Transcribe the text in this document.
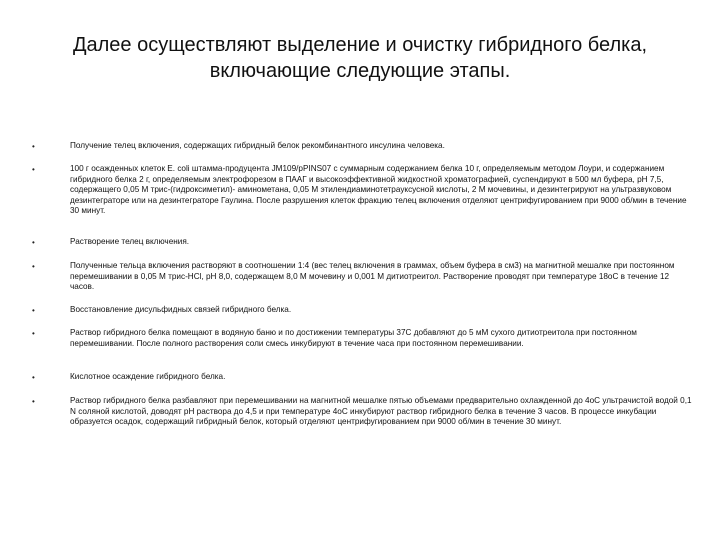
Далее осуществляют выделение и очистку гибридного белка,
включающие следующие этапы.
•	Получение телец включения, содержащих гибридный белок рекомбинантного инсулина человека.
•	100 г осажденных клеток E. coli штамма-продуцента JM109/pPINS07 с суммарным содержанием белка 10 г, определяемым методом Лоури, и содержанием гибридного белка 2 г, определяемым электрофорезом в ПААГ и высокоэффективной жидкостной хроматографией, суспендируют в 500 мл буфера, pH 7,5, содержащего 0,05 М трис-(гидроксиметил)- аминометана, 0,05 М этилендиаминотетрауксусной кислоты, 2 М мочевины, и дезинтегрируют на ультразвуковом дезинтеграторе или на дезинтеграторе Гаулина. После разрушения клеток фракцию телец включения отделяют центрифугированием при 9000 об/мин в течение 30 минут.
•	Растворение телец включения.
•	Полученные тельца включения растворяют в соотношении 1:4 (вес телец включения в граммах, объем буфера в см3) на магнитной мешалке при постоянном перемешивании в 0,05 М трис-HCl, pH 8,0, содержащем 8,0 М мочевину и 0,001 М дитиотреитол. Растворение проводят при температуре 18оС в течение 12 часов.
•	Восстановление дисульфидных связей гибридного белка.
•	Раствор гибридного белка помещают в водяную баню и по достижении температуры 37С добавляют до 5 мМ сухого дитиотреитола при постоянном перемешивании. После полного растворения соли смесь инкубируют в течение часа при постоянном перемешивании.
•	Кислотное осаждение гибридного белка.
•	Раствор гибридного белка разбавляют при перемешивании на магнитной мешалке пятью объемами предварительно охлажденной до 4оС ультрачистой водой 0,1 N соляной кислотой, доводят pH раствора до 4,5 и при температуре 4оС инкубируют раствор гибридного белка в течение 3 часов. В процессе инкубации образуется осадок, содержащий гибридный белок, который отделяют центрифугированием при 9000 об/мин в течение 30 минут.
